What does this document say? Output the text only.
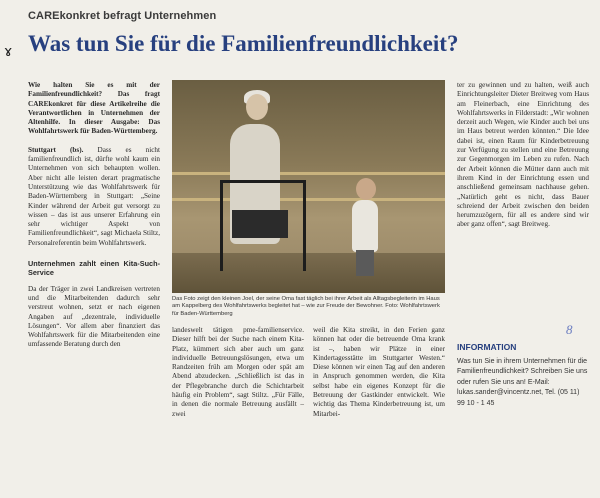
CAREkonkret befragt Unternehmen
Was tun Sie für die Familienfreundlichkeit?
ɤ

Wie halten Sie es mit der Familienfreundlichkeit? Das fragt CAREkonkret für diese Artikelreihe die Verantwortlichen in Unternehmen der Altenhilfe. In dieser Ausgabe: Das Wohlfahrtswerk für Baden-Württemberg.

Stuttgart (bs). Dass es nicht familienfreundlich ist, dürfte wohl kaum ein Unternehmen von sich behaupten wollen. Aber nicht alle leisten derart pragmatische Unterstützung wie das Wohlfahrtswerk für Baden-Württemberg in Stuttgart: „Seine Kinder während der Arbeit gut versorgt zu wissen – das ist aus unserer Erfahrung ein sehr wichtiger Aspekt von Familienfreundlichkeit“, sagt Michaela Stiltz, Personalreferentin beim Wohlfahrtswerk.

Unternehmen zahlt einen Kita-Such-Service

Da der Träger in zwei Landkreisen vertreten und die Mitarbeitenden dadurch sehr verstreut wohnen, setzt er nach eigenen Angaben auf „dezentrale, individuelle Lösungen“. Vor allem aber finanziert das Wohlfahrtswerk für die Mitarbeitenden eine umfassende Beratung durch den

Das Foto zeigt den kleinen Joel, der seine Oma fast täglich bei ihrer Arbeit als Alltagsbegleiterin im Haus am Kappelberg des Wohlfahrtswerks begleitet hat – wie zur Freude der Bewohner. Foto: Wohlfahrtswerk für Baden-Württemberg

landeswelt tätigen pme-familienservice. Dieser hilft bei der Suche nach einem Kita-Platz, kümmert sich aber auch um ganz individuelle Betreuungslösungen, etwa um Randzeiten früh am Morgen oder spät am Abend abzudecken. „Schließlich ist das in der Pflegebranche durch die Schichtarbeit häufig ein Problem“, sagt Stiltz. „Für Fälle, in denen die normale Betreuung ausfällt – zwei

weil die Kita streikt, in den Ferien ganz können hat oder die betreuende Oma krank ist –, haben wir Plätze in einer Kindertagesstätte im Stuttgarter Westen.“ Diese können wir einen Tag auf den anderen in Anspruch genommen werden, die Kita selbst habe ein eigenes Konzept für die Betreuung der Gastkinder entwickelt. Wie wichtig das Thema Kinderbetreuung ist, um Mitarbei-

ter zu gewinnen und zu halten, weiß auch Einrichtungsleiter Dieter Breitweg vom Haus am Fleinerbach, eine Einrichtung des Wohlfahrtswerks in Filderstadt: „Wir wohnen derzeit auch Wegen, wie Kinder auch bei uns im Haus betreut werden könnten.“ Die Idee dabei ist, einen Raum für Kinderbetreuung zur Verfügung zu stellen und eine Betreuung zur Gegenmorgen im Leben zu rufen. Nach der Arbeit können die Mütter dann auch mit ihrem Kind in der Einrichtung essen und anschließend gemeinsam nachhause gehen. „Natürlich geht es nicht, dass Bauer schreiend der Arbeit zwischen den beiden herumzuzögern, für all es andere sind wir aber ganz offen“, sagt Breitweg.

8
INFORMATION
Was tun Sie in ihrem Unternehmen für die Familienfreundlichkeit? Schreiben Sie uns oder rufen Sie uns an! E-Mail: lukas.sander@vincentz.net, Tel. (05 11) 99 10 - 1 45
